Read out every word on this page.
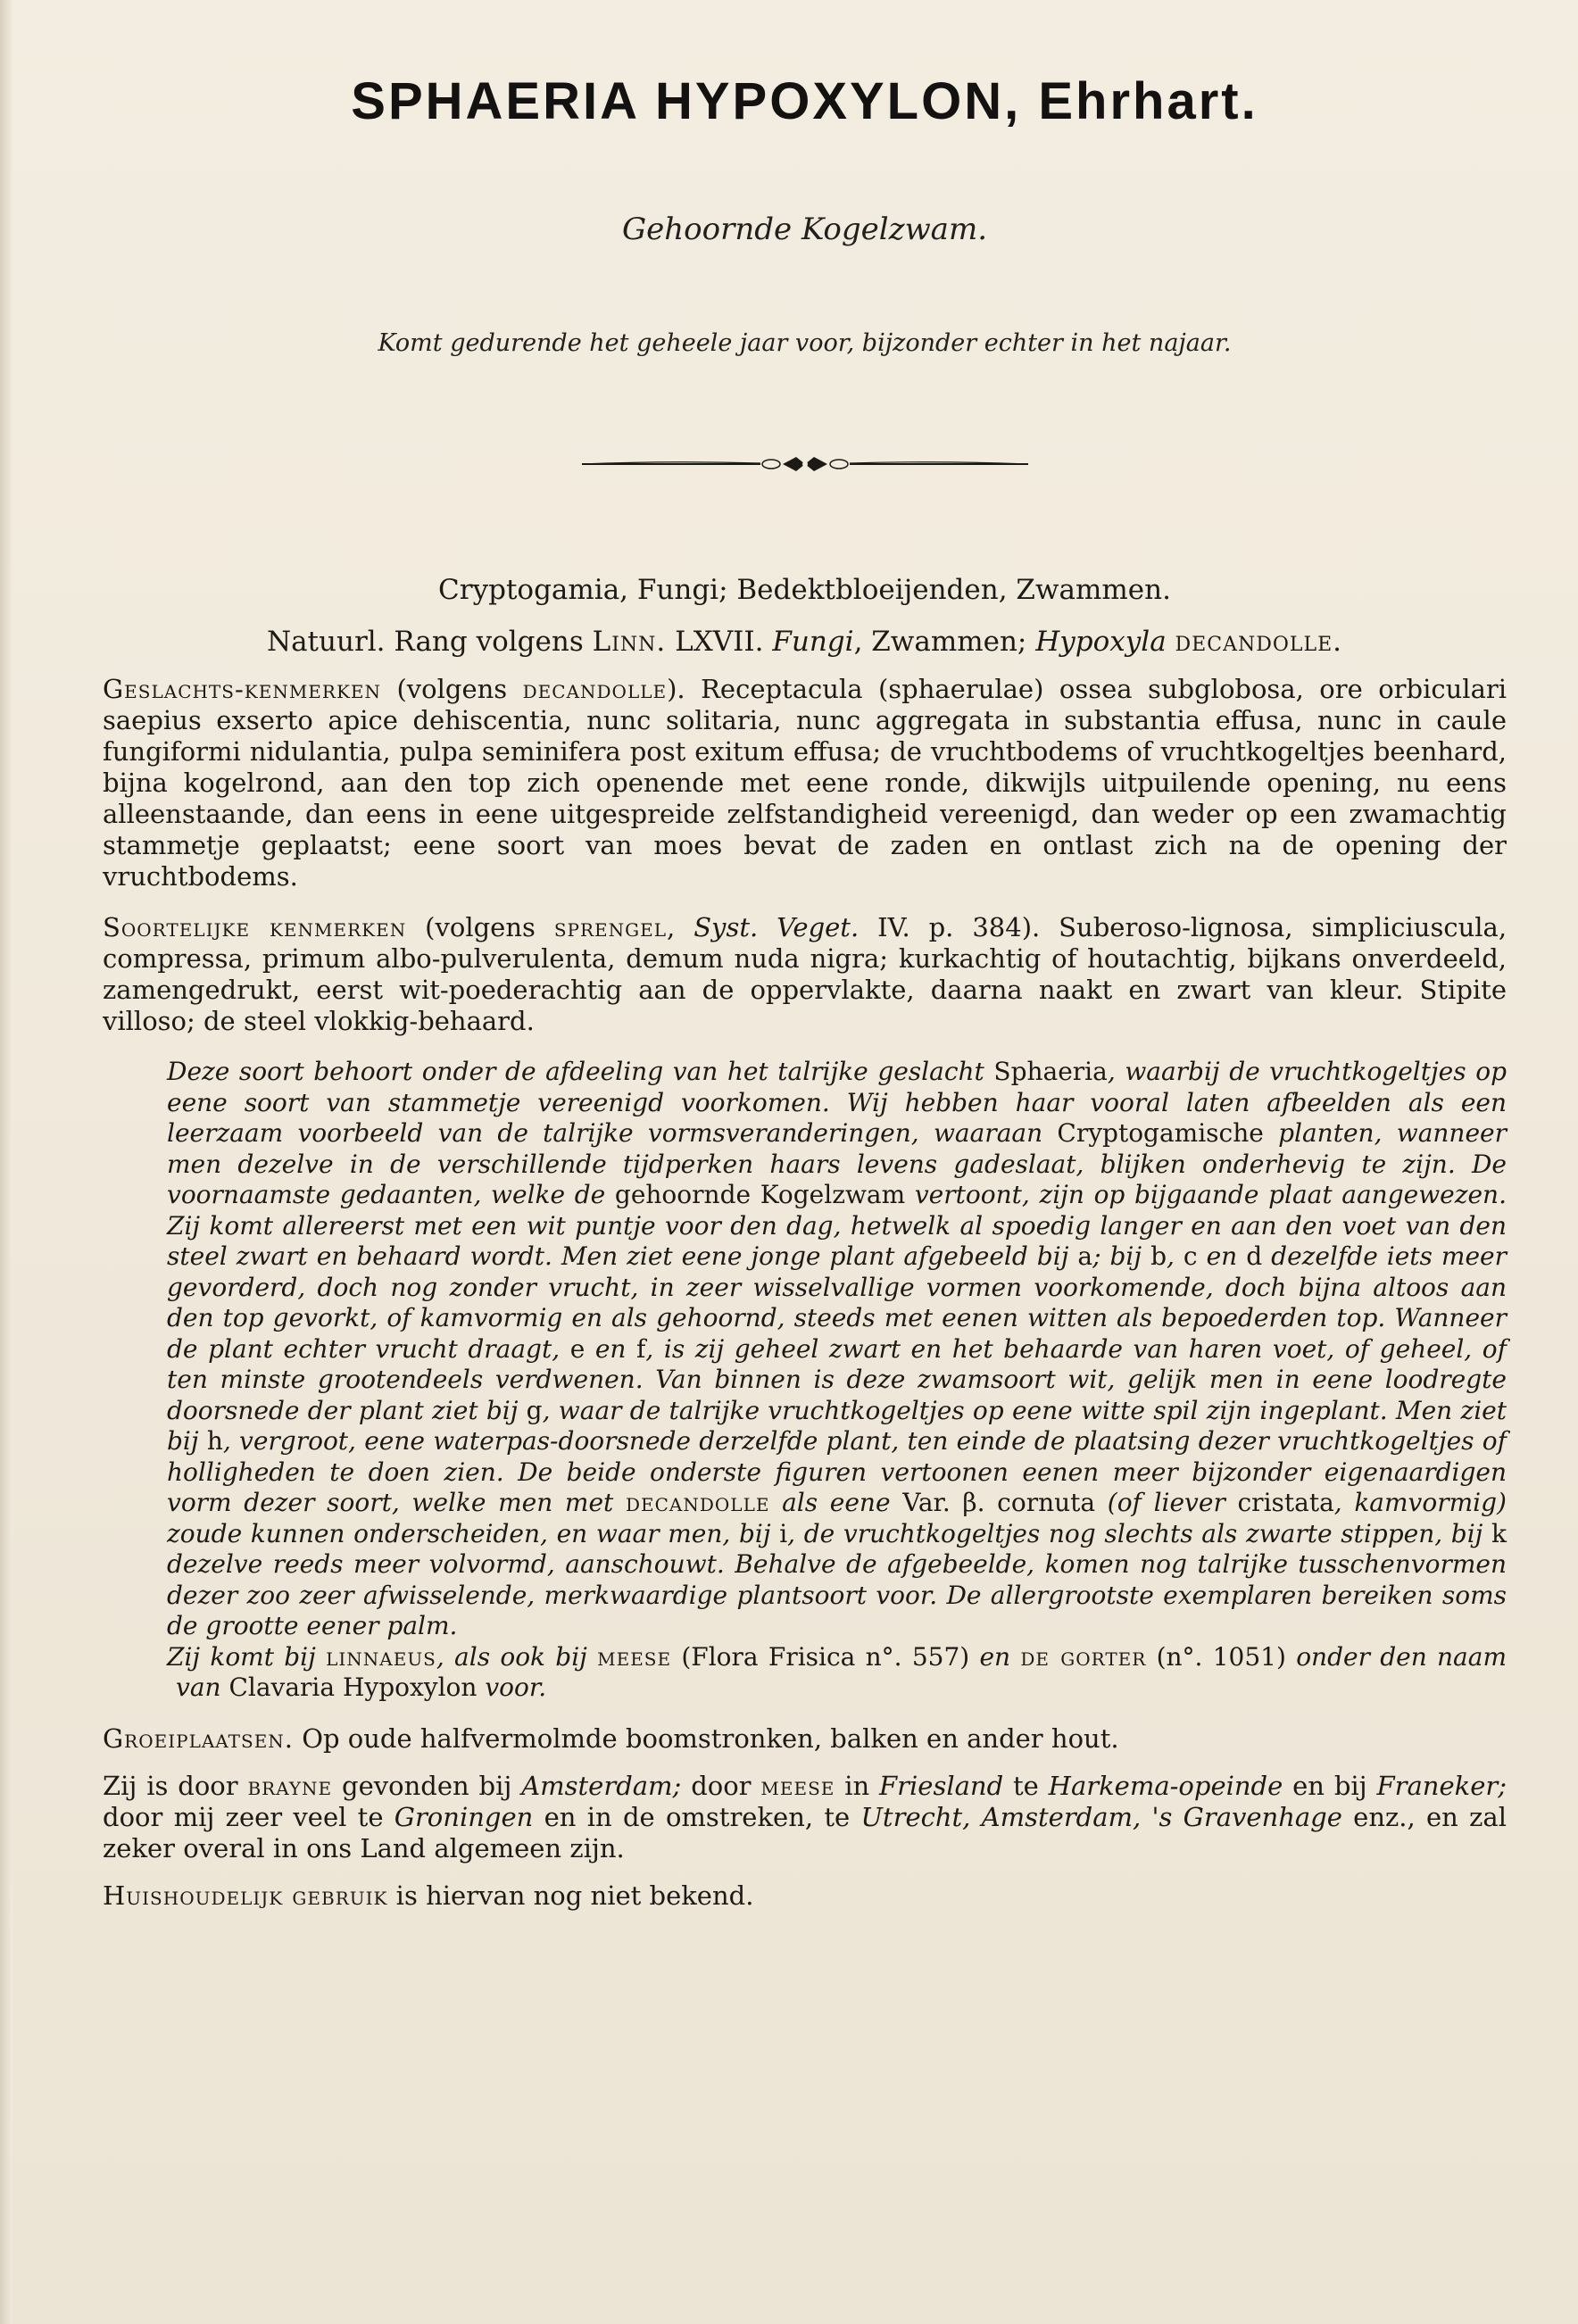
SPHAERIA HYPOXYLON, Ehrhart.
Gehoornde Kogelzwam.
Komt gedurende het geheele jaar voor, bijzonder echter in het najaar.
Cryptogamia, Fungi; Bedektbloeijenden, Zwammen.
Natuurl. Rang volgens Linn. LXVII. Fungi, Zwammen; Hypoxyla decandolle.

Geslachts-kenmerken (volgens decandolle). Receptacula (sphaerulae) ossea subglobosa, ore orbiculari saepius exserto apice dehiscentia, nunc solitaria, nunc aggregata in substantia effusa, nunc in caule fungiformi nidulantia, pulpa seminifera post exitum effusa; de vruchtbodems of vruchtkogeltjes beenhard, bijna kogelrond, aan den top zich openende met eene ronde, dikwijls uitpuilende opening, nu eens alleenstaande, dan eens in eene uitgespreide zelfstandigheid vereenigd, dan weder op een zwamachtig stammetje geplaatst; eene soort van moes bevat de zaden en ontlast zich na de opening der vruchtbodems.

Soortelijke kenmerken (volgens sprengel, Syst. Veget. IV. p. 384). Suberoso-lignosa, simpliciuscula, compressa, primum albo-pulverulenta, demum nuda nigra; kurkachtig of houtachtig, bijkans onverdeeld, zamengedrukt, eerst wit-poederachtig aan de oppervlakte, daarna naakt en zwart van kleur. Stipite villoso; de steel vlokkig-behaard.

Deze soort behoort onder de afdeeling van het talrijke geslacht Sphaeria, waarbij de vruchtkogeltjes op eene soort van stammetje vereenigd voorkomen. Wij hebben haar vooral laten afbeelden als een leerzaam voorbeeld van de talrijke vormsveranderingen, waaraan Cryptogamische planten, wanneer men dezelve in de verschillende tijdperken haars levens gadeslaat, blijken onderhevig te zijn. De voornaamste gedaanten, welke de gehoornde Kogelzwam vertoont, zijn op bijgaande plaat aangewezen. Zij komt allereerst met een wit puntje voor den dag, hetwelk al spoedig langer en aan den voet van den steel zwart en behaard wordt. Men ziet eene jonge plant afgebeeld bij a; bij b, c en d dezelfde iets meer gevorderd, doch nog zonder vrucht, in zeer wisselvallige vormen voorkomende, doch bijna altoos aan den top gevorkt, of kamvormig en als gehoornd, steeds met eenen witten als bepoederden top. Wanneer de plant echter vrucht draagt, e en f, is zij geheel zwart en het behaarde van haren voet, of geheel, of ten minste grootendeels verdwenen. Van binnen is deze zwamsoort wit, gelijk men in eene loodregte doorsnede der plant ziet bij g, waar de talrijke vruchtkogeltjes op eene witte spil zijn ingeplant. Men ziet bij h, vergroot, eene waterpas-doorsnede derzelfde plant, ten einde de plaatsing dezer vruchtkogeltjes of holligheden te doen zien. De beide onderste figuren vertoonen eenen meer bijzonder eigenaardigen vorm dezer soort, welke men met decandolle als eene Var. β. cornuta (of liever cristata, kamvormig) zoude kunnen onderscheiden, en waar men, bij i, de vruchtkogeltjes nog slechts als zwarte stippen, bij k dezelve reeds meer volvormd, aanschouwt. Behalve de afgebeelde, komen nog talrijke tusschenvormen dezer zoo zeer afwisselende, merkwaardige plantsoort voor. De allergrootste exemplaren bereiken soms de grootte eener palm.

Zij komt bij linnaeus, als ook bij meese (Flora Frisica n°. 557) en de gorter (n°. 1051) onder den naam van Clavaria Hypoxylon voor.

Groeiplaatsen. Op oude halfvermolmde boomstronken, balken en ander hout.

Zij is door brayne gevonden bij Amsterdam; door meese in Friesland te Harkema-opeinde en bij Franeker; door mij zeer veel te Groningen en in de omstreken, te Utrecht, Amsterdam, 's Gravenhage enz., en zal zeker overal in ons Land algemeen zijn.

Huishoudelijk gebruik is hiervan nog niet bekend.
